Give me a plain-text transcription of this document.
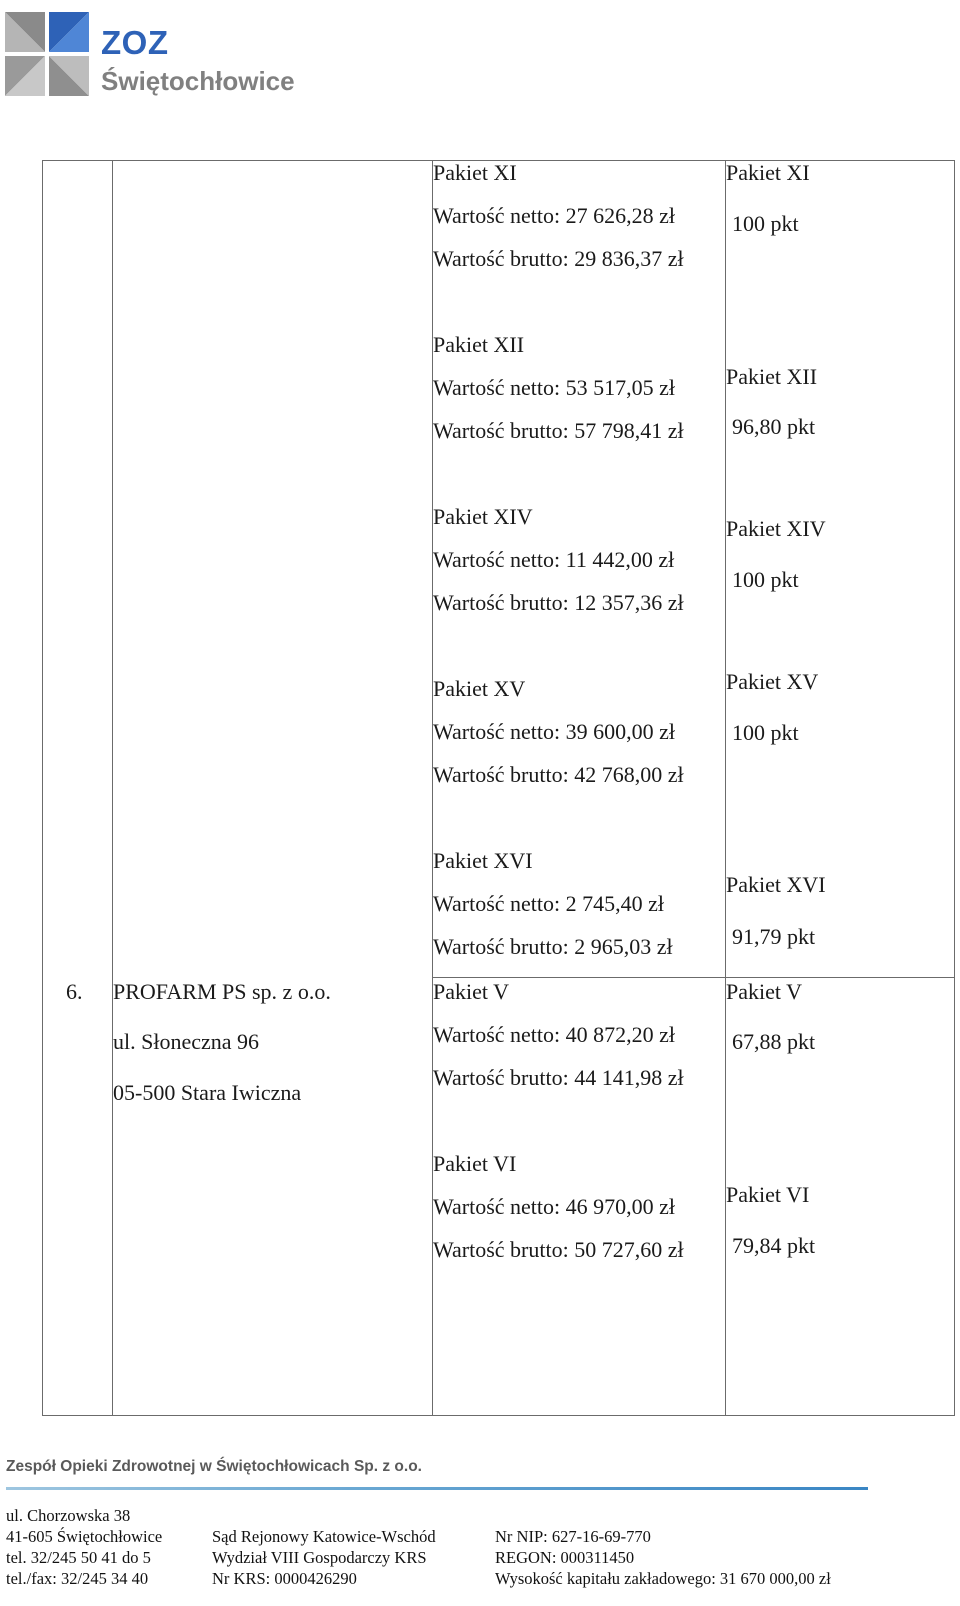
ZOZ
Świętochłowice
Pakiet XI
Wartość netto: 27 626,28 zł
Wartość brutto: 29 836,37 zł
Pakiet XI
100 pkt
Pakiet XII
Wartość netto: 53 517,05 zł
Wartość brutto: 57 798,41 zł
Pakiet XII
96,80 pkt
Pakiet XIV
Wartość netto: 11 442,00 zł
Wartość brutto: 12 357,36 zł
Pakiet XIV
100 pkt
Pakiet XV
Wartość netto: 39 600,00 zł
Wartość brutto: 42 768,00 zł
Pakiet XV
100 pkt
Pakiet XVI
Wartość netto: 2 745,40 zł
Wartość brutto: 2 965,03 zł
Pakiet XVI
91,79 pkt
6. PROFARM PS sp. z o.o.
ul. Słoneczna 96
05-500 Stara Iwiczna
Pakiet V
Wartość netto: 40 872,20 zł
Wartość brutto: 44 141,98 zł
Pakiet V
67,88 pkt
Pakiet VI
Wartość netto: 46 970,00 zł
Wartość brutto: 50 727,60 zł
Pakiet VI
79,84 pkt
Zespół Opieki Zdrowotnej w Świętochłowicach Sp. z o.o.
ul. Chorzowska 38
41-605 Świętochłowice
tel. 32/245 50 41 do 5
tel./fax: 32/245 34 40
Sąd Rejonowy Katowice-Wschód
Wydział VIII Gospodarczy KRS
Nr KRS: 0000426290
Nr NIP: 627-16-69-770
REGON: 000311450
Wysokość kapitału zakładowego: 31 670 000,00 zł
